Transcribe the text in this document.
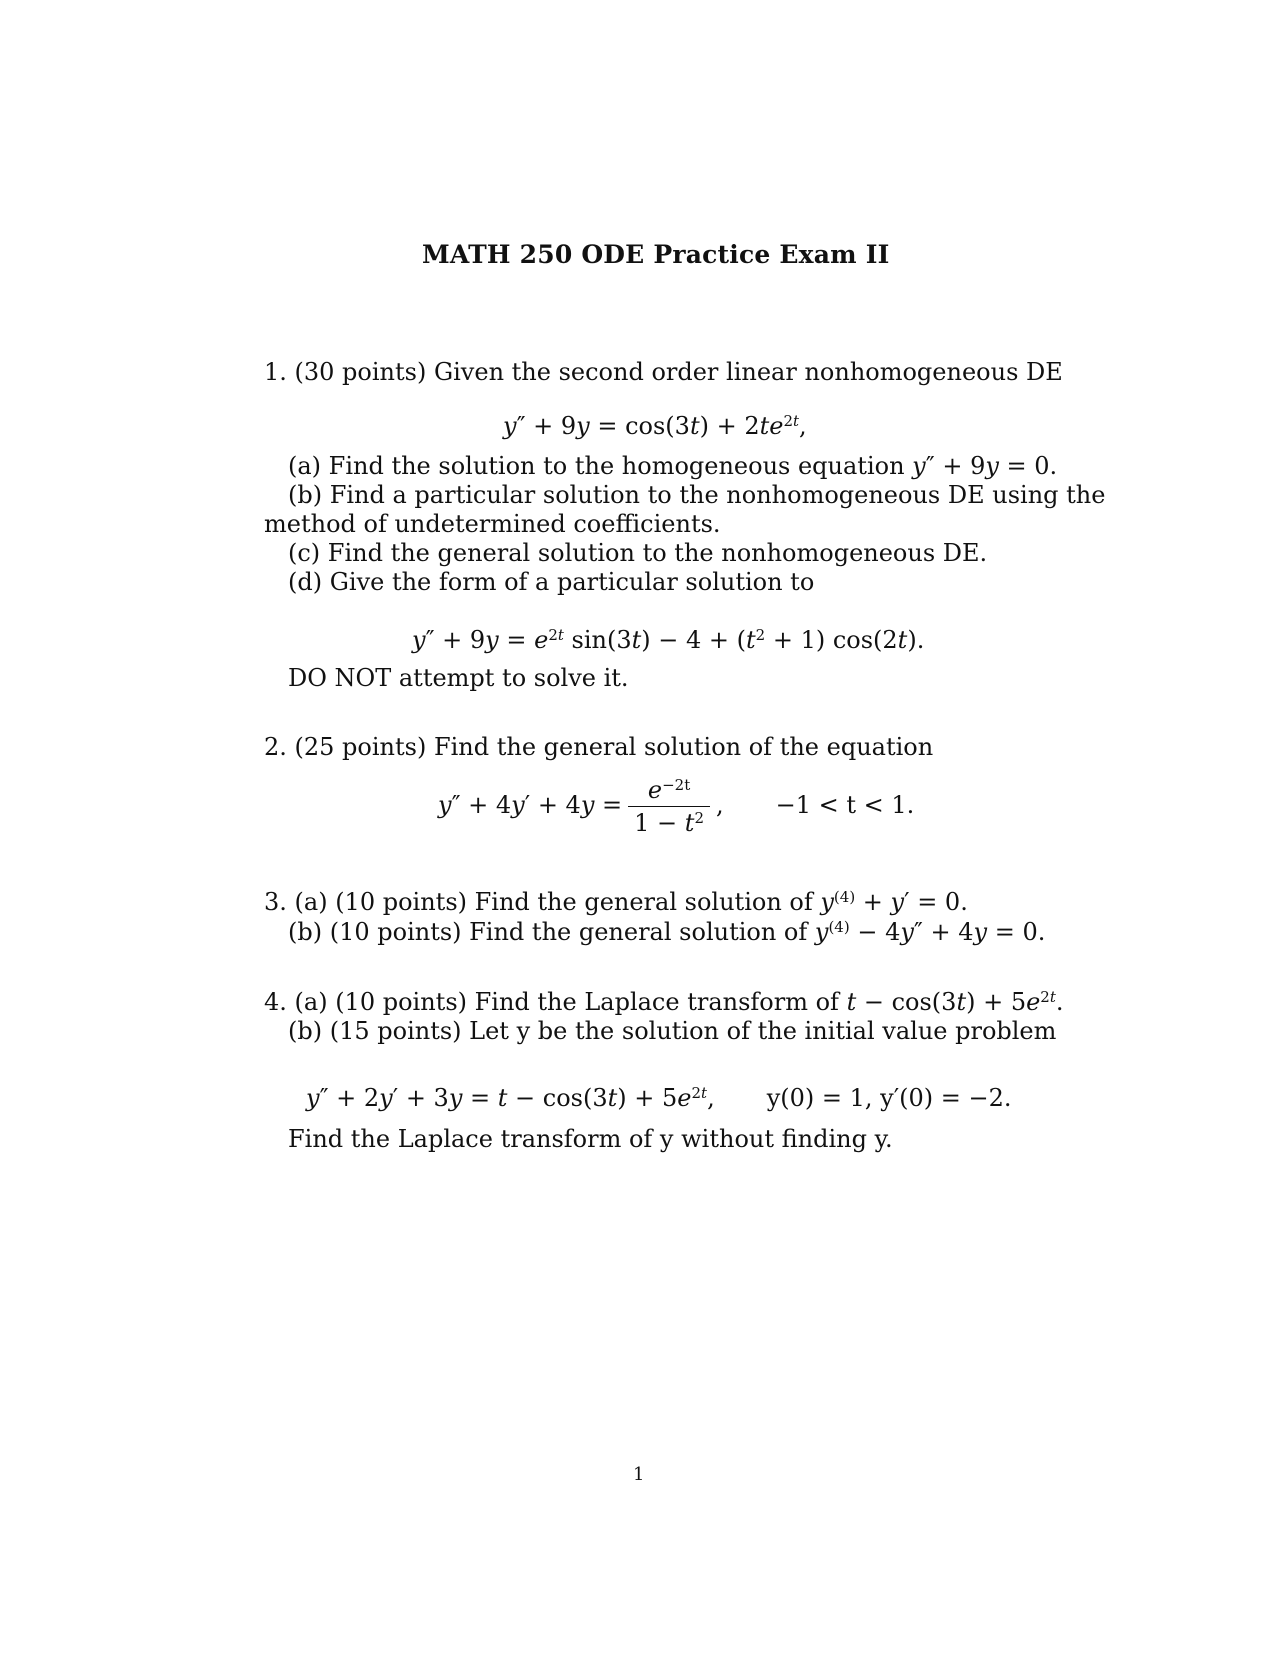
MATH 250 ODE Practice Exam II
1. (30 points) Given the second order linear nonhomogeneous DE
$y'' + 9y = \cos(3t) + 2te^{2t}$,
(a) Find the solution to the homogeneous equation y″ + 9y = 0.
(b) Find a particular solution to the nonhomogeneous DE using the
method of undetermined coefficients.
(c) Find the general solution to the nonhomogeneous DE.
(d) Give the form of a particular solution to
$y'' + 9y = e^{2t}$ $\sin(3t) - 4 + (t^2 + 1)$ cos(2t).
DO NOT attempt to solve it.
2. (25 points) Find the general solution of the equation
$y'' + 4y' + 4y = \frac{e^{-2t}}{1 - t^2}$ , −1 < t < 1.
3. (a) (10 points) Find the general solution of $y^{(4)} + y' = 0$.
(b) (10 points) Find the general solution of $y^{(4)} - 4y'' + 4y = 0$.
4. (a) (10 points) Find the Laplace transform of $t - \cos(3t) + 5e^{2t}$.
(b) (15 points) Let y be the solution of the initial value problem
$y'' + 2y' + 3y = t - \cos(3t) + 5e^{2t}$, y(0) = 1, y′(0) = −2.
Find the Laplace transform of y without finding y.
1
